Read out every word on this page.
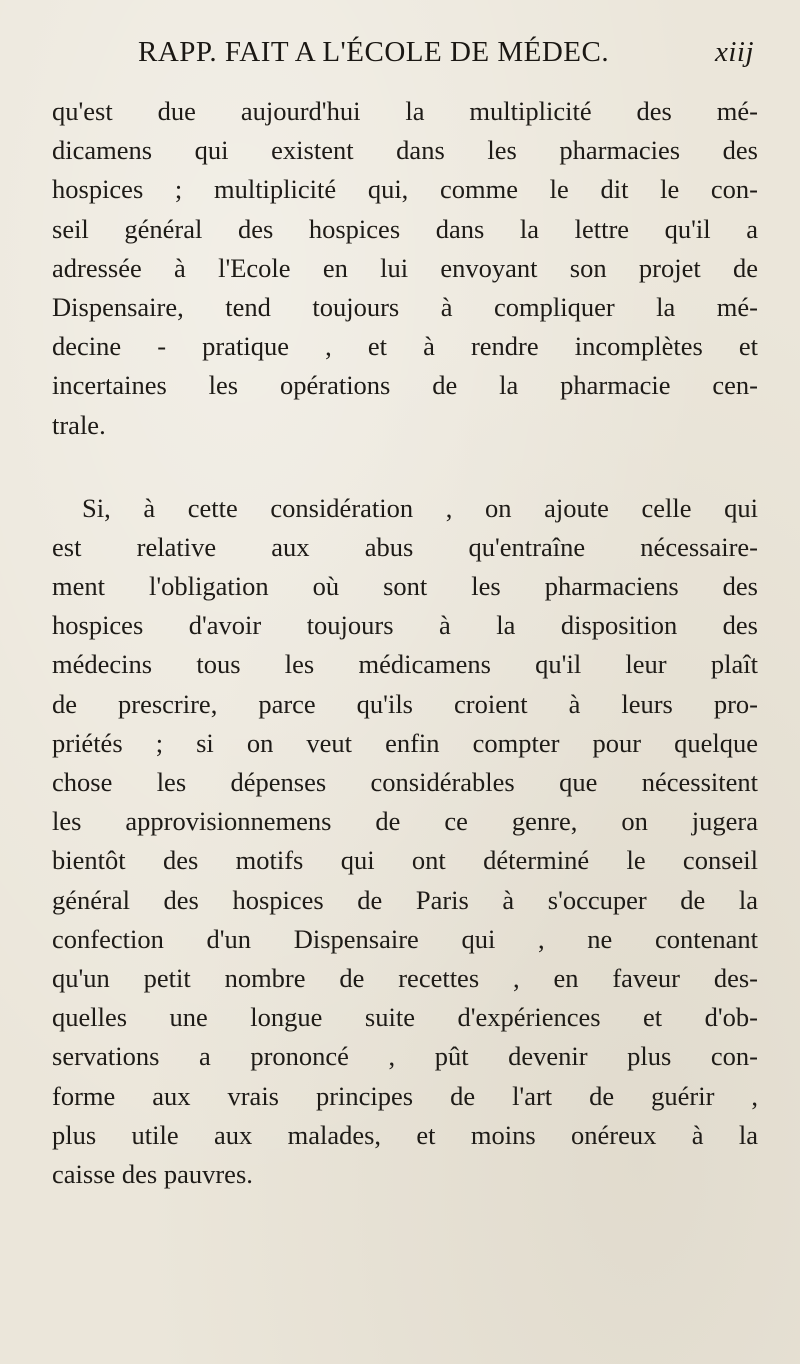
RAPP. FAIT A L'ÉCOLE DE MÉDEC.	xiij
qu'est due aujourd'hui la multiplicité des mé-
dicamens qui existent dans les pharmacies des
hospices ; multiplicité qui, comme le dit le con-
seil général des hospices dans la lettre qu'il a
adressée à l'Ecole en lui envoyant son projet de
Dispensaire, tend toujours à compliquer la mé-
decine - pratique , et à rendre incomplètes et
incertaines les opérations de la pharmacie cen-
trale.
Si, à cette considération , on ajoute celle qui
est relative aux abus qu'entraîne nécessaire-
ment l'obligation où sont les pharmaciens des
hospices d'avoir toujours à la disposition des
médecins tous les médicamens qu'il leur plaît
de prescrire, parce qu'ils croient à leurs pro-
priétés ; si on veut enfin compter pour quelque
chose les dépenses considérables que nécessitent
les approvisionnemens de ce genre, on jugera
bientôt des motifs qui ont déterminé le conseil
général des hospices de Paris à s'occuper de la
confection d'un Dispensaire qui , ne contenant
qu'un petit nombre de recettes , en faveur des-
quelles une longue suite d'expériences et d'ob-
servations a prononcé , pût devenir plus con-
forme aux vrais principes de l'art de guérir ,
plus utile aux malades, et moins onéreux à la
caisse des pauvres.
